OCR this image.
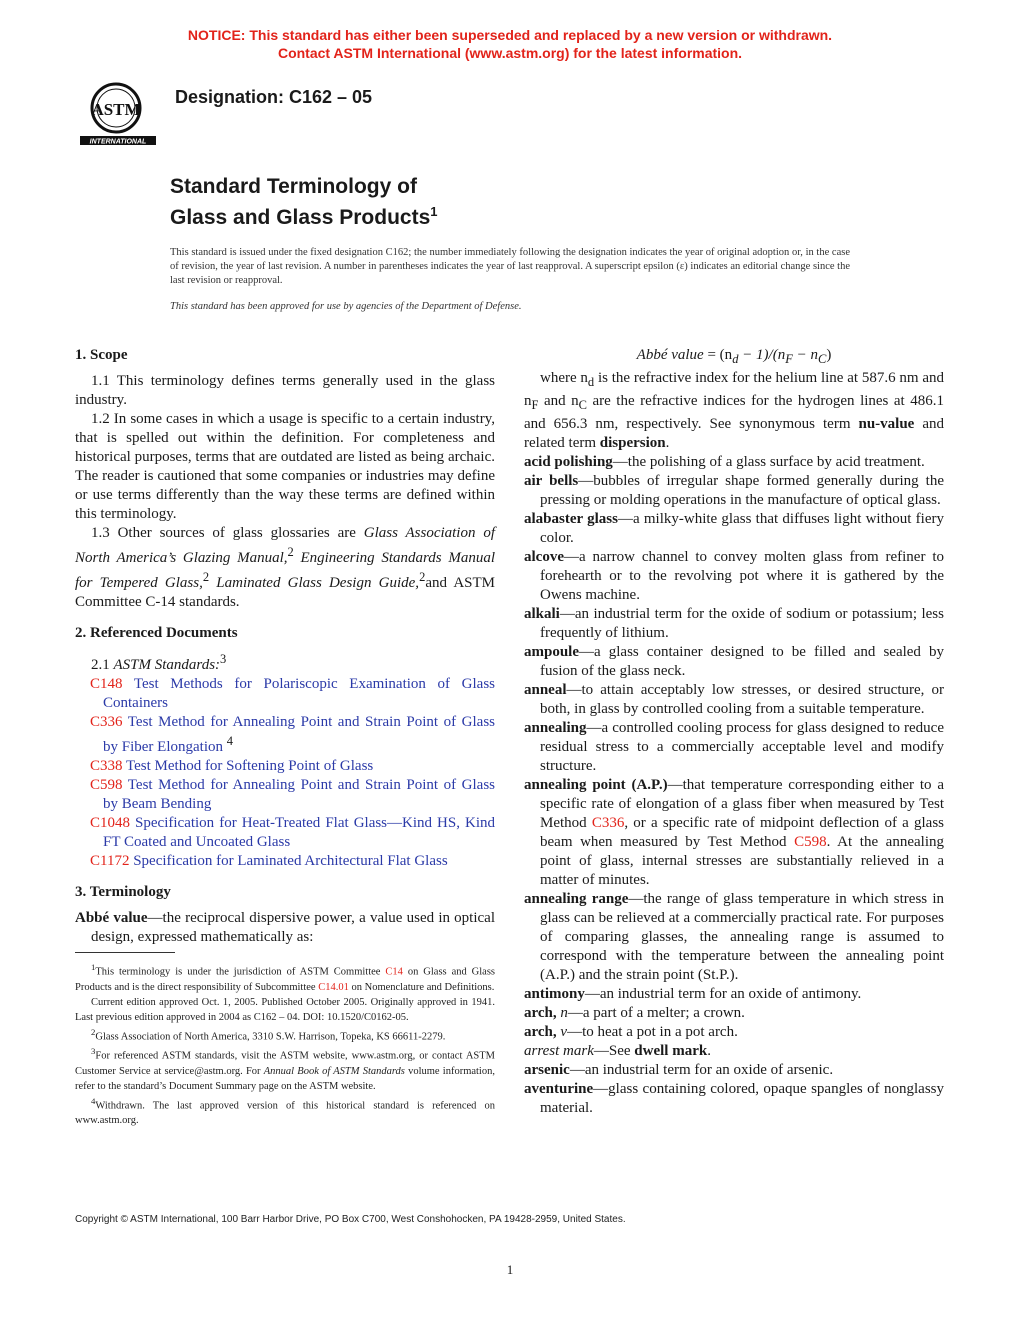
NOTICE: This standard has either been superseded and replaced by a new version or withdrawn.
Contact ASTM International (www.astm.org) for the latest information.
ASTM
INTERNATIONAL
Designation: C162 – 05
Standard Terminology of
Glass and Glass Products$^1$
This standard is issued under the fixed designation C162; the number immediately following the designation indicates the year of original adoption or, in the case of revision, the year of last revision. A number in parentheses indicates the year of last reapproval. A superscript epsilon (ε) indicates an editorial change since the last revision or reapproval.
This standard has been approved for use by agencies of the Department of Defense.
1. Scope

1.1 This terminology defines terms generally used in the glass industry.

1.2 In some cases in which a usage is specific to a certain industry, that is spelled out within the definition. For completeness and historical purposes, terms that are outdated are listed as being archaic. The reader is cautioned that some companies or industries may define or use terms differently than the way these terms are defined within this terminology.

1.3 Other sources of glass glossaries are Glass Association of North America’s Glazing Manual,$^2$ Engineering Standards Manual for Tempered Glass,$^2$ Laminated Glass Design Guide,$^2$and ASTM Committee C-14 standards.

2. Referenced Documents

2.1 ASTM Standards:$^3$

C148 Test Methods for Polariscopic Examination of Glass Containers

C336 Test Method for Annealing Point and Strain Point of Glass by Fiber Elongation $^4$

C338 Test Method for Softening Point of Glass

C598 Test Method for Annealing Point and Strain Point of Glass by Beam Bending

C1048 Specification for Heat-Treated Flat Glass—Kind HS, Kind FT Coated and Uncoated Glass

C1172 Specification for Laminated Architectural Flat Glass

3. Terminology

Abbé value—the reciprocal dispersive power, a value used in optical design, expressed mathematically as:

$^1$This terminology is under the jurisdiction of ASTM Committee C14 on Glass and Glass Products and is the direct responsibility of Subcommittee C14.01 on Nomenclature and Definitions.

Current edition approved Oct. 1, 2005. Published October 2005. Originally approved in 1941. Last previous edition approved in 2004 as C162 – 04. DOI: 10.1520/C0162-05.

$^2$Glass Association of North America, 3310 S.W. Harrison, Topeka, KS 66611-2279.

$^3$For referenced ASTM standards, visit the ASTM website, www.astm.org, or contact ASTM Customer Service at service@astm.org. For Annual Book of ASTM Standards volume information, refer to the standard’s Document Summary page on the ASTM website.

$^4$Withdrawn. The last approved version of this historical standard is referenced on www.astm.org.

Abbé value = $(n_d - 1)/(n_F - n_C)$

where $n_d$ is the refractive index for the helium line at 587.6 nm and $n_F$ and $n_C$ are the refractive indices for the hydrogen lines at 486.1 and 656.3 nm, respectively. See synonymous term nu-value and related term dispersion.

acid polishing—the polishing of a glass surface by acid treatment.

air bells—bubbles of irregular shape formed generally during the pressing or molding operations in the manufacture of optical glass.

alabaster glass—a milky-white glass that diffuses light without fiery color.

alcove—a narrow channel to convey molten glass from refiner to forehearth or to the revolving pot where it is gathered by the Owens machine.

alkali—an industrial term for the oxide of sodium or potassium; less frequently of lithium.

ampoule—a glass container designed to be filled and sealed by fusion of the glass neck.

anneal—to attain acceptably low stresses, or desired structure, or both, in glass by controlled cooling from a suitable temperature.

annealing—a controlled cooling process for glass designed to reduce residual stress to a commercially acceptable level and modify structure.

annealing point (A.P.)—that temperature corresponding either to a specific rate of elongation of a glass fiber when measured by Test Method C336, or a specific rate of midpoint deflection of a glass beam when measured by Test Method C598. At the annealing point of glass, internal stresses are substantially relieved in a matter of minutes.

annealing range—the range of glass temperature in which stress in glass can be relieved at a commercially practical rate. For purposes of comparing glasses, the annealing range is assumed to correspond with the temperature between the annealing point (A.P.) and the strain point (St.P.).

antimony—an industrial term for an oxide of antimony.

arch, n—a part of a melter; a crown.

arch, v—to heat a pot in a pot arch.

arrest mark—See dwell mark.

arsenic—an industrial term for an oxide of arsenic.

aventurine—glass containing colored, opaque spangles of nonglassy material.

Copyright © ASTM International, 100 Barr Harbor Drive, PO Box C700, West Conshohocken, PA 19428-2959, United States.
1
